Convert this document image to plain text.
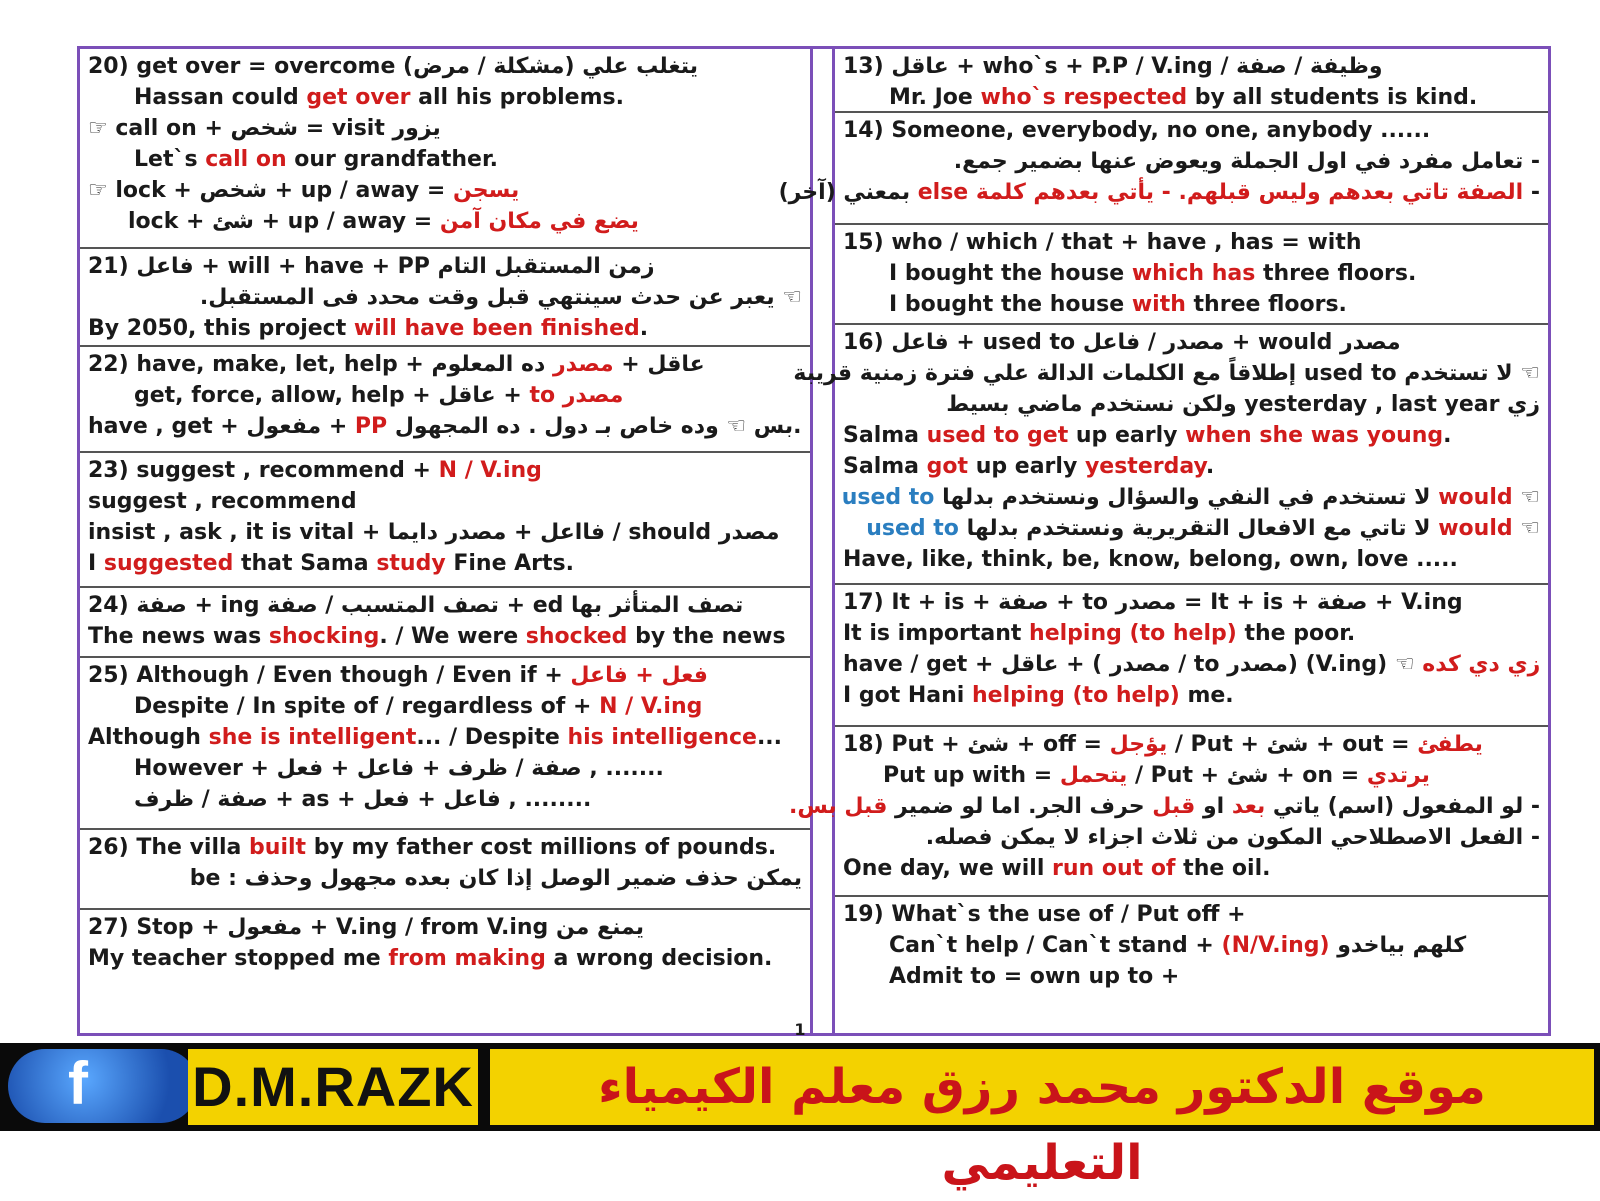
20) get over = overcome يتغلب علي (مشكلة / مرض)
Hassan could get over all his problems.
☞ call on + شخص = visit يزور
Let`s call on our grandfather.
☞ lock + شخص + up / away = يسجن
lock + شئ + up / away = يضع في مكان آمن
21) فاعل + will + have + PP زمن المستقبل التام
☜ يعبر عن حدث سينتهي قبل وقت محدد فى المستقبل.
By 2050, this project will have been finished.
22) have, make, let, help + عاقل + مصدر ده المعلوم
get, force, allow, help + عاقل + to مصدر
have , get + مفعول + PP بس ☜ وده خاص بـ دول . ده المجهول.
23) suggest , recommend + N / V.ing
suggest , recommend
insist , ask , it is vital + فااعل + مصدر دايما / should مصدر
I suggested that Sama study Fine Arts.
24) صفة + ing تصف المتسبب / صفة + ed تصف المتأثر بها
The news was shocking. / We were shocked by the news
25) Although / Even though / Even if + فعل + فاعل
Despite / In spite of / regardless of + N / V.ing
Although she is intelligent... / Despite his intelligence...
However + صفة / ظرف + فاعل + فعل , .......
صفة / ظرف + as + فاعل + فعل , ........
26) The villa built by my father cost millions of pounds.
يمكن حذف ضمير الوصل إذا كان بعده مجهول وحذف : be
27) Stop + مفعول + V.ing / from V.ing يمنع من
My teacher stopped me from making a wrong decision.
13) عاقل + who`s + P.P / V.ing / وظيفة / صفة
Mr. Joe who`s respected by all students is kind.
14) Someone, everybody, no one, anybody ......
- تعامل مفرد في اول الجملة ويعوض عنها بضمير جمع.
- الصفة تاتي بعدهم وليس قبلهم. - يأتي بعدهم كلمة else بمعني (آخر)
15) who / which / that + have , has = with
I bought the house which has three floors.
I bought the house with three floors.
16) فاعل + used to مصدر / فاعل + would مصدر
☜ لا تستخدم used to إطلاقاً مع الكلمات الدالة علي فترة زمنية قريبة
زي yesterday , last year ولكن نستخدم ماضي بسيط
Salma used to get up early when she was young.
Salma got up early yesterday.
☜ would لا تستخدم في النفي والسؤال ونستخدم بدلها used to
☜ would لا تاتي مع الافعال التقريرية ونستخدم بدلها used to
Have, like, think, be, know, belong, own, love .....
17) It + is + صفة + to مصدر = It + is + صفة + V.ing
It is important helping (to help) the poor.
have / get + عاقل + ( مصدر / to مصدر) (V.ing) ☜ زي دي كده
I got Hani helping (to help) me.
18) Put + شئ + off = يؤجل / Put + شئ + out = يطفئ
Put up with = يتحمل / Put + شئ + on = يرتدي
- لو المفعول (اسم) ياتي بعد او قبل حرف الجر. اما لو ضمير قبل بس.
- الفعل الاصطلاحي المكون من ثلاث اجزاء لا يمكن فصله.
One day, we will run out of the oil.
19) What`s the use of / Put off +
Can`t help / Can`t stand + (N/V.ing) كلهم بياخدو
Admit to = own up to +
1
f D.M.RAZK	موقع الدكتور محمد رزق معلم الكيمياء التعليمي
